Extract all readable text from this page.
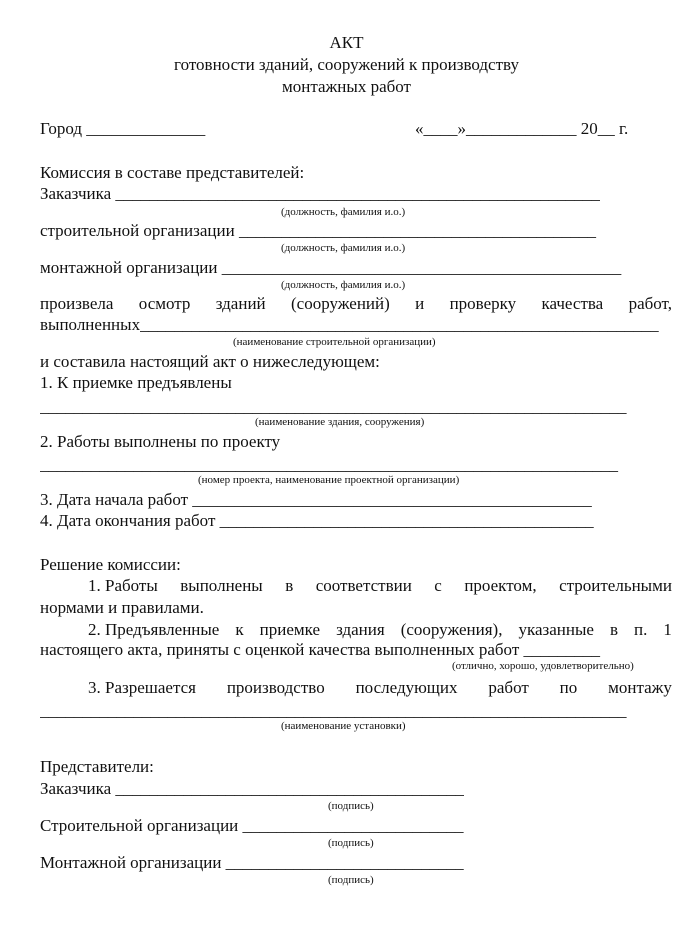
АКТ
готовности зданий, сооружений к производству
монтажных работ
Город ______________	«____»_____________ 20__ г.
Комиссия в составе представителей:
Заказчика _________________________________________________________
(должность, фамилия и.о.)
строительной организации __________________________________________
(должность, фамилия и.о.)
монтажной организации _______________________________________________
(должность, фамилия и.о.)
произвела осмотр зданий (сооружений) и проверку качества работ,
выполненных_____________________________________________________________
(наименование строительной организации)
и составила настоящий акт о нижеследующем:
1. К приемке предъявлены
_____________________________________________________________________
(наименование здания, сооружения)
2. Работы выполнены по проекту
____________________________________________________________________
(номер проекта, наименование проектной организации)
3. Дата начала работ _______________________________________________
4. Дата окончания работ ____________________________________________
Решение комиссии:
1. Работы выполнены в соответствии с проектом, строительными
нормами и правилами.
2. Предъявленные к приемке здания (сооружения), указанные в п. 1
настоящего акта, приняты с оценкой качества выполненных работ _________
(отлично, хорошо, удовлетворительно)
3. Разрешается производство последующих работ по монтажу
_____________________________________________________________________
(наименование установки)
Представители:
Заказчика _________________________________________
(подпись)
Строительной организации __________________________
(подпись)
Монтажной организации ____________________________
(подпись)
